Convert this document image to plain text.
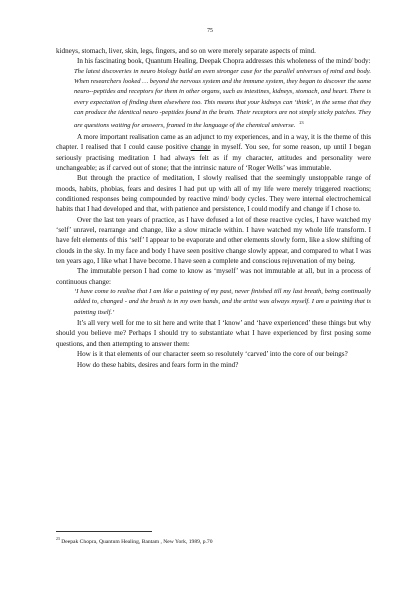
75

kidneys, stomach, liver, skin, legs, fingers, and so on were merely separate aspects of mind.

In his fascinating book, Quantum Healing, Deepak Chopra addresses this wholeness of the mind/ body:

The latest discoveries in neuro biology build an even stronger case for the parallel universes of mind and body. When researchers looked … beyond the nervous system and the immune system, they began to discover the same neuro--peptides and receptors for them in other organs, such as intestines, kidneys, stomach, and heart. There is every expectation of finding them elsewhere too. This means that your kidneys can ‘think’, in the sense that they can produce the identical neuro -peptides found in the brain. Their receptors are not simply sticky patches. They are questions waiting for answers, framed in the language of the chemical universe. $^{23}$

A more important realisation came as an adjunct to my experiences, and in a way, it is the theme of this chapter. I realised that I could cause positive change in myself. You see, for some reason, up until I began seriously practising meditation I had always felt as if my character, attitudes and personality were unchangeable; as if carved out of stone; that the intrinsic nature of ‘Roger Wells’ was immutable.

But through the practice of meditation, I slowly realised that the seemingly unstoppable range of moods, habits, phobias, fears and desires I had put up with all of my life were merely triggered reactions; conditioned responses being compounded by reactive mind/ body cycles. They were internal electrochemical habits that I had developed and that, with patience and persistence, I could modify and change if I chose to.

Over the last ten years of practice, as I have defused a lot of these reactive cycles, I have watched my ‘self’ unravel, rearrange and change, like a slow miracle within. I have watched my whole life transform. I have felt elements of this ‘self’ I appear to be evaporate and other elements slowly form, like a slow shifting of clouds in the sky. In my face and body I have seen positive change slowly appear, and compared to what I was ten years ago, I like what I have become. I have seen a complete and conscious rejuvenation of my being.

The immutable person I had come to know as ‘myself’ was not immutable at all, but in a process of continuous change:

‘I have come to realise that I am like a painting of my past, never finished till my last breath, being continually added to, changed - and the brush is in my own hands, and the artist was always myself. I am a painting that is painting itself.’

It’s all very well for me to sit here and write that I ‘know’ and ‘have experienced’ these things but why should you believe me? Perhaps I should try to substantiate what I have experienced by first posing some questions, and then attempting to answer them:

How is it that elements of our character seem so resolutely ‘carved’ into the core of our beings?

How do these habits, desires and fears form in the mind?

$^{23}$ Deepak Chopra, Quantum Healing, Bantam , New York, 1989, p.70
